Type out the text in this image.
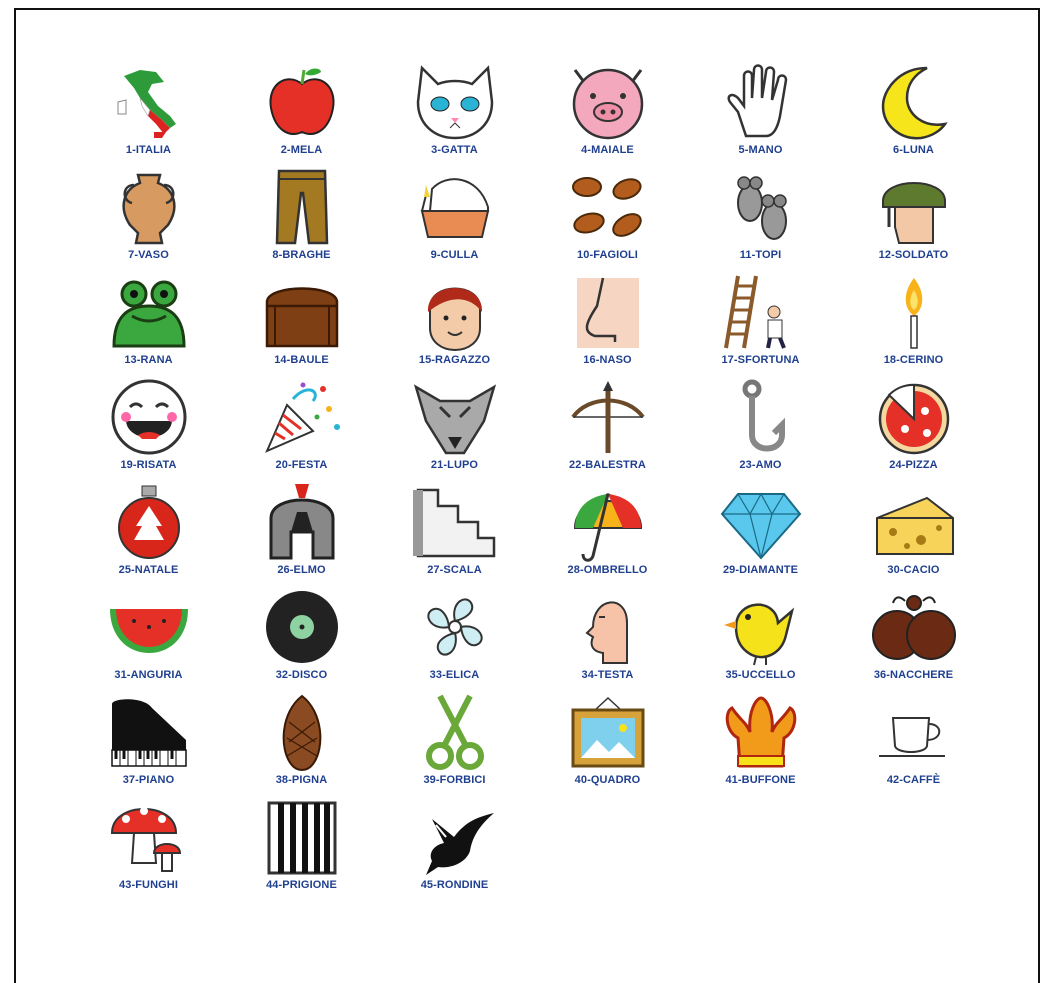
1-ITALIA	2-MELA	3-GATTA	4-MAIALE	5-MANO	6-LUNA
7-VASO	8-BRAGHE	9-CULLA	10-FAGIOLI	11-TOPI	12-SOLDATO
13-RANA	14-BAULE	15-RAGAZZO	16-NASO	17-SFORTUNA	18-CERINO
19-RISATA	20-FESTA	21-LUPO	22-BALESTRA	23-AMO	24-PIZZA
25-NATALE	26-ELMO	27-SCALA	28-OMBRELLO	29-DIAMANTE	30-CACIO
31-ANGURIA	32-DISCO	33-ELICA	34-TESTA	35-UCCELLO	36-NACCHERE
37-PIANO	38-PIGNA	39-FORBICI	40-QUADRO	41-BUFFONE	42-CAFFÈ
43-FUNGHI	44-PRIGIONE	45-RONDINE
